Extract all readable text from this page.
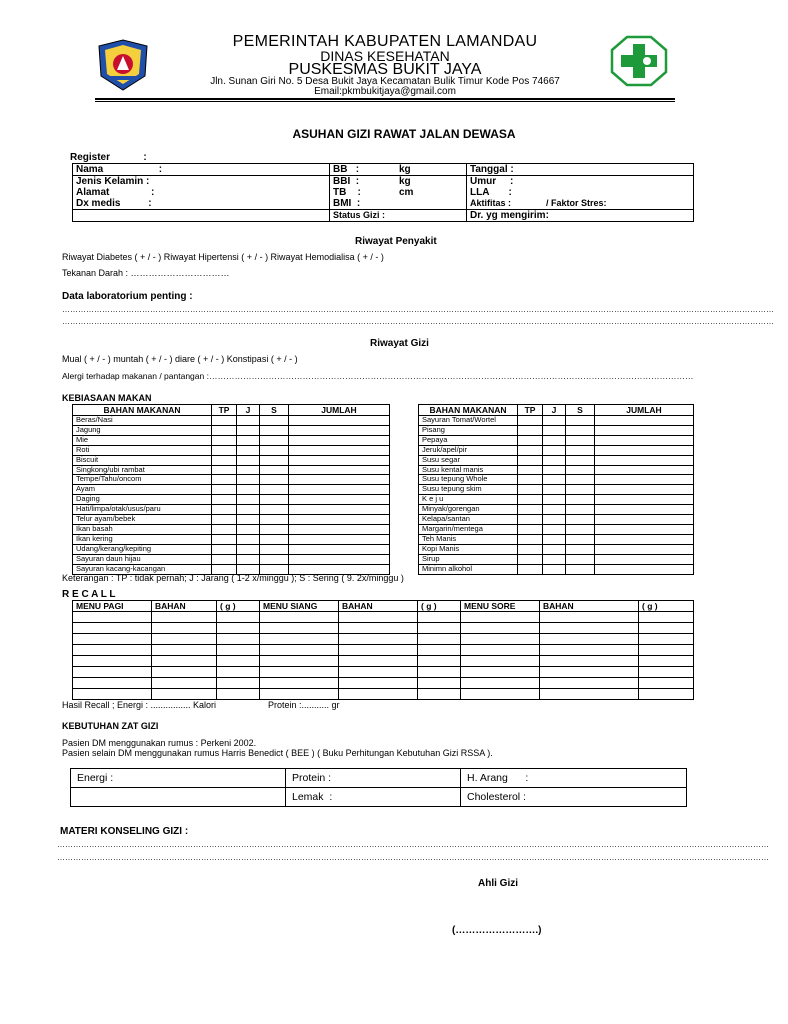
PEMERINTAH KABUPATEN LAMANDAU
DINAS KESEHATAN
PUSKESMAS BUKIT JAYA
Jln. Sunan Giri No. 5 Desa Bukit Jaya Kecamatan Bulik Timur Kode Pos 74667
Email:pkmbukitjaya@gmail.com
ASUHAN GIZI RAWAT JALAN DEWASA
Register            :
Nama                    :	BB   :	kg	Tanggal :
Jenis Kelamin :	BBI  :	kg	Umur     :
Alamat               :	TB    :	cm	LLA       :
Dx medis          :	BMI  :		Aktifitas :              / Faktor Stres:
	Status Gizi :		Dr. yg mengirim:
Riwayat Penyakit
Riwayat Diabetes ( + / - ) Riwayat Hipertensi ( + / - ) Riwayat Hemodialisa ( + / - )
Tekanan Darah : ……………………………
Data laboratorium penting :
……………………………………………………………………………………………………………………………………………………………………………………………………………………………………………
……………………………………………………………………………………………………………………………………………………………………………………………………………………………………………
Riwayat Gizi
Mual ( + / - ) muntah ( + / - ) diare ( + / - ) Konstipasi ( + / - )
Alergi terhadap makanan / pantangan :………………………………………………………………………………………………………………………………………………………
KEBIASAAN MAKAN
BAHAN MAKANAN	TP	J	S	JUMLAH
Beras/Nasi				
Jagung				
Mie				
Roti				
Biscuit				
Singkong/ubi rambat				
Tempe/Tahu/oncom				
Ayam				
Daging				
Hati/limpa/otak/usus/paru				
Telur ayam/bebek				
Ikan basah				
Ikan kering				
Udang/kerang/kepiting				
Sayuran daun hijau				
Sayuran kacang-kacangan				
BAHAN MAKANAN	TP	J	S	JUMLAH
Sayuran Tomat/Wortel				
Pisang				
Pepaya				
Jeruk/apel/pir				
Susu segar				
Susu kental manis				
Susu tepung Whole				
Susu tepung skim				
K e j u				
Minyak/gorengan				
Kelapa/santan				
Margarin/mentega				
Teh Manis				
Kopi Manis				
Sirup				
Minimn alkohol				
Keterangan : TP : tidak pernah; J : Jarang ( 1-2 x/minggu ); S : Sering ( 9. 2x/minggu )
R E C A L L
MENU PAGI	BAHAN	( g )	MENU SIANG	BAHAN	( g )	MENU SORE	BAHAN	( g )

Hasil Recall ; Energi : ................ Kalori	Protein :........... gr
KEBUTUHAN ZAT GIZI
Pasien DM menggunakan rumus : Perkeni 2002.
Pasien selain DM menggunakan rumus Harris Benedict ( BEE ) ( Buku Perhitungan Kebutuhan Gizi RSSA ).
Energi :	Protein :	H. Arang      :
	Lemak  :	Cholesterol :
MATERI KONSELING GIZI :
……………………………………………………………………………………………………………………………………………………………………………………………………………………………………………
……………………………………………………………………………………………………………………………………………………………………………………………………………………………………………
Ahli Gizi
(…………………….)
